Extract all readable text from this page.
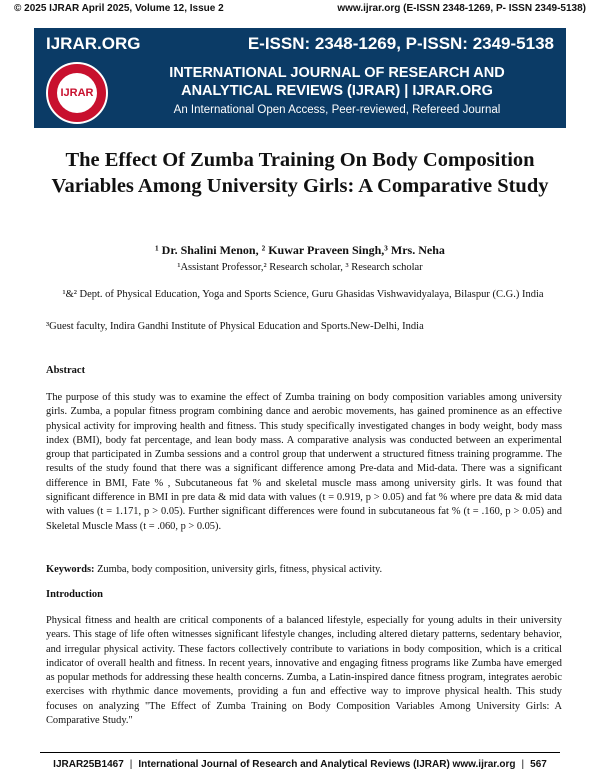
© 2025 IJRAR April 2025, Volume 12, Issue 2	www.ijrar.org (E-ISSN 2348-1269, P- ISSN 2349-5138)
IJRAR.ORG	E-ISSN: 2348-1269, P-ISSN: 2349-5138
IJRAR
INTERNATIONAL JOURNAL OF RESEARCH AND
ANALYTICAL REVIEWS (IJRAR) | IJRAR.ORG
An International Open Access, Peer-reviewed, Refereed Journal
The Effect Of Zumba Training On Body Composition Variables Among University Girls: A Comparative Study
¹ Dr. Shalini Menon, ² Kuwar Praveen Singh,³ Mrs. Neha
¹Assistant Professor,² Research scholar, ³ Research scholar
¹&² Dept. of Physical Education, Yoga and Sports Science, Guru Ghasidas Vishwavidyalaya, Bilaspur (C.G.) India
³Guest faculty, Indira Gandhi Institute of Physical Education and Sports.New-Delhi, India
Abstract
The purpose of this study was to examine the effect of Zumba training on body composition variables among university girls. Zumba, a popular fitness program combining dance and aerobic movements, has gained prominence as an effective physical activity for improving health and fitness. This study specifically investigated changes in body weight, body mass index (BMI), body fat percentage, and lean body mass. A comparative analysis was conducted between an experimental group that participated in Zumba sessions and a control group that underwent a structured fitness training programme. The results of the study found that there was a significant difference among Pre-data and Mid-data. There was a significant difference in BMI, Fate % , Subcutaneous fat % and skeletal muscle mass among university girls. It was found that significant difference in BMI in pre data & mid data with values (t = 0.919, p > 0.05) and fat % where pre data & mid data with values (t = 1.171, p > 0.05). Further significant differences were found in subcutaneous fat % (t = .160, p > 0.05) and Skeletal Muscle Mass (t = .060, p > 0.05).
Keywords: Zumba, body composition, university girls, fitness, physical activity.
Introduction
Physical fitness and health are critical components of a balanced lifestyle, especially for young adults in their university years. This stage of life often witnesses significant lifestyle changes, including altered dietary patterns, sedentary behavior, and irregular physical activity. These factors collectively contribute to variations in body composition, which is a critical indicator of overall health and fitness. In recent years, innovative and engaging fitness programs like Zumba have emerged as popular methods for addressing these health concerns. Zumba, a Latin-inspired dance fitness program, integrates aerobic exercises with rhythmic dance movements, providing a fun and effective way to improve physical health. This study focuses on analyzing "The Effect of Zumba Training on Body Composition Variables Among University Girls: A Comparative Study."
IJRAR25B1467 | International Journal of Research and Analytical Reviews (IJRAR) www.ijrar.org | 567
